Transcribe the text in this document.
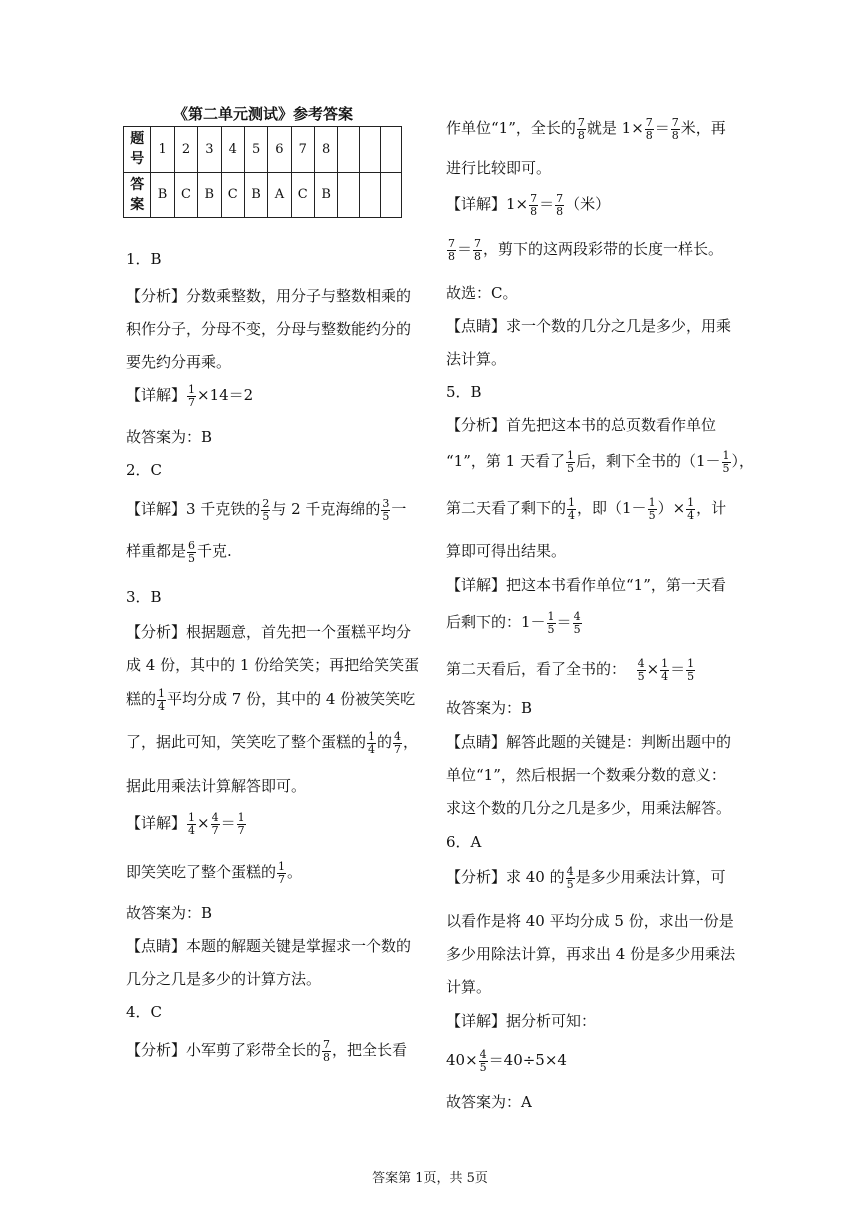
《第二单元测试》参考答案
题号	1	2	3	4	5	6	7	8			
答案	B	C	B	C	B	A	C	B			
1．B
【分析】分数乘整数，用分子与整数相乘的
积作分子，分母不变，分母与整数能约分的
要先约分再乘。
【详解】 $\frac{1}{7} \times 14=2$
故答案为：B
2．C
【详解】3 千克铁的 $\frac{2}{5}$ 与 2 千克海绵的 $\frac{3}{5}$ 一
样重都是 $\frac{6}{5}$ 千克.
3．B
【分析】根据题意，首先把一个蛋糕平均分
成 4 份，其中的 1 份给笑笑；再把给笑笑蛋
糕的 $\frac{1}{4}$ 平均分成 7 份，其中的 4 份被笑笑吃
了，据此可知，笑笑吃了整个蛋糕的 $\frac{1}{4}$ 的 $\frac{4}{7}$ ，
据此用乘法计算解答即可。
【详解】 $\frac{1}{4} \times \frac{4}{7} = \frac{1}{7}$
即笑笑吃了整个蛋糕的 $\frac{1}{7}$ 。
故答案为：B
【点睛】本题的解题关键是掌握求一个数的
几分之几是多少的计算方法。
4．C
【分析】小军剪了彩带全长的 $\frac{7}{8}$ ，把全长看
作单位“1”，全长的 $\frac{7}{8}$ 就是 $1\times \frac{7}{8} = \frac{7}{8}$ 米，再
进行比较即可。
【详解】$1\times \frac{7}{8} = \frac{7}{8}$ （米）
$\frac{7}{8} = \frac{7}{8}$ ，剪下的这两段彩带的长度一样长。
故选：C。
【点睛】求一个数的几分之几是多少，用乘
法计算。
5．B
【分析】首先把这本书的总页数看作单位
“1”，第 1 天看了 $\frac{1}{5}$ 后，剩下全书的（$1- \frac{1}{5}$ ），
第二天看了剩下的 $\frac{1}{4}$ ，即（$1- \frac{1}{5}$ ）× $\frac{1}{4}$ ，计
算即可得出结果。
【详解】把这本书看作单位“1”，第一天看
后剩下的：$1- \frac{1}{5} = \frac{4}{5}$
第二天看后，看了全书的： $\frac{4}{5} \times \frac{1}{4} = \frac{1}{5}$
故答案为：B
【点睛】解答此题的关键是：判断出题中的
单位“1”，然后根据一个数乘分数的意义：
求这个数的几分之几是多少，用乘法解答。
6．A
【分析】求 40 的 $\frac{4}{5}$ 是多少用乘法计算，可
以看作是将 40 平均分成 5 份，求出一份是
多少用除法计算，再求出 4 份是多少用乘法
计算。
【详解】据分析可知：
$40\times \frac{4}{5} =40\div 5\times 4$
故答案为：A
答案第 1页，共 5页
